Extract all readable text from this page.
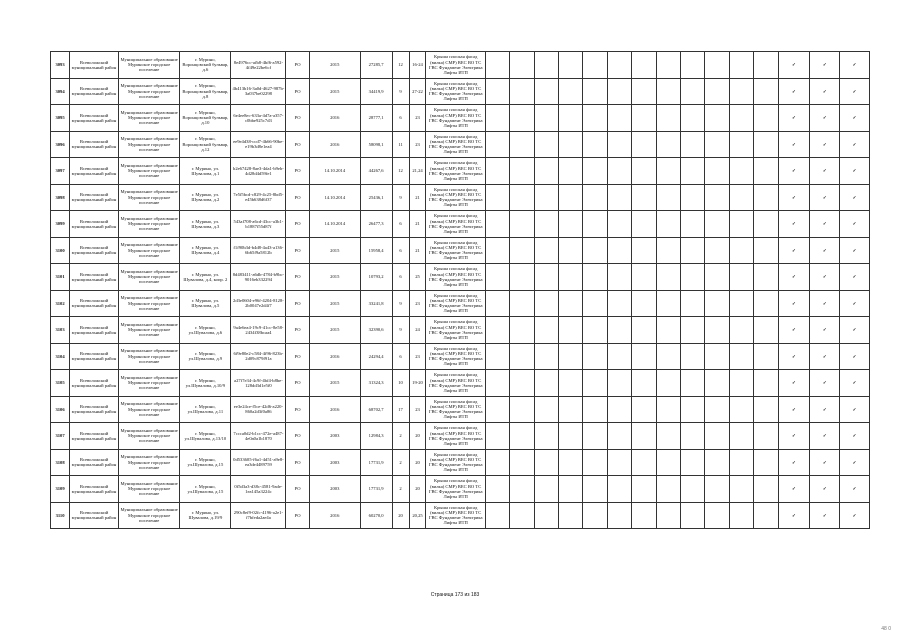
3093	Всеволожский муниципальный район	Муниципальное образование Муринское городское поселение	г. Мурино, Воронцовский бульвар, д.6	8e4976cc-afb8-4bf6-a592-4f49e22be6cf	РО	2015	27285,7	12	16-24	Крыша плоская фасад (вилка) СМР) ВЕС ВО ТС ГВС Фундамент Электрика Лифты ИТП													✓	✓	✓
3094	Всеволожский муниципальный район	Муниципальное образование Муринское городское поселение	г. Мурино, Воронцовский бульвар, д.8	4b413b16-3a0d-4627-987b-3a037be02298	РО	2015	34419,9	9	27-22	Крыша плоская фасад (вилка) СМР) ВЕС ВО ТС ГВС Фундамент Электрика Лифты ИТП													✓	✓	✓
3095	Всеволожский муниципальный район	Муниципальное образование Муринское городское поселение	г. Мурино, Воронцовский бульвар, д.10	6e4ee8ec-633a-4d7a-a357-c0bbe925c7d3	РО	2016	28777,1	6	23	Крыша плоская фасад (вилка) СМР) ВЕС ВО ТС ГВС Фундамент Электрика Лифты ИТП													✓	✓	✓
3096	Всеволожский муниципальный район	Муниципальное образование Муринское городское поселение	г. Мурино, Воронцовский бульвар, д.12	ee9e4d38-ccd7-4b66-90be-e19b3d8e1ea4	РО	2016	58098,1	11	23	Крыша плоская фасад (вилка) СМР) ВЕС ВО ТС ГВС Фундамент Электрика Лифты ИТП													✓	✓	✓
3097	Всеволожский муниципальный район	Муниципальное образование Муринское городское поселение	г. Мурино, ул. Шувалова, д.1	b2e67428-8ae3-4da1-b9eb-4d28d4d59fe1	РО	14.10.2014	44267,6	12	21,24	Крыша плоская фасад (вилка) СМР) ВЕС ВО ТС ГВС Фундамент Электрика Лифты ИТП													✓	✓	✓
3098	Всеволожский муниципальный район	Муниципальное образование Муринское городское поселение	г. Мурино, ул. Шувалова, д.2	7e5f5bcd-c829-4c25-8bd5-e45b638d6f37	РО	14.10.2014	25436,1	9	21	Крыша плоская фасад (вилка) СМР) ВЕС ВО ТС ГВС Фундамент Электрика Лифты ИТП													✓	✓	✓
3099	Всеволожский муниципальный район	Муниципальное образование Муринское городское поселение	г. Мурино, ул. Шувалова, д.3	543af708-a6cd-43cc-a3b1-b1887f55d87f	РО	14.10.2014	26477,3	6	21	Крыша плоская фасад (вилка) СМР) ВЕС ВО ТС ГВС Фундамент Электрика Лифты ИТП													✓	✓	✓
3100	Всеволожский муниципальный район	Муниципальное образование Муринское городское поселение	г. Мурино, ул. Шувалова, д.4	f1f90b3d-b4d8-4a43-a136-6b65f9a5812b	РО	2015	15958,4	6	21	Крыша плоская фасад (вилка) СМР) ВЕС ВО ТС ГВС Фундамент Электрика Лифты ИТП													✓	✓	✓
3101	Всеволожский муниципальный район	Муниципальное образование Муринское городское поселение	г. Мурино, ул. Шувалова, д.4, копр. 2	8d483411-a6db-4784-b9bc-9016eb332294	РО	2015	10793,2	6	25	Крыша плоская фасад (вилка) СМР) ВЕС ВО ТС ГВС Фундамент Электрика Лифты ИТП													✓	✓	✓
3102	Всеволожский муниципальный район	Муниципальное образование Муринское городское поселение	г. Мурино, ул. Шувалова, д.5	2d3e0604-e96f-4204-8128-2b0047e2d4f7	РО	2015	33241,8	9	23	Крыша плоская фасад (вилка) СМР) ВЕС ВО ТС ГВС Фундамент Электрика Лифты ИТП													✓	✓	✓
3103	Всеволожский муниципальный район	Муниципальное образование Муринское городское поселение	г. Мурино, ул.Шувалова, д.6	9a4e6ea4-19c9-41cc-8e58-2434f38bcaa4	РО	2015	32390,6	9	24	Крыша плоская фасад (вилка) СМР) ВЕС ВО ТС ГВС Фундамент Электрика Лифты ИТП													✓	✓	✓
3104	Всеволожский муниципальный район	Муниципальное образование Муринское городское поселение	г. Мурино, ул.Шувалова, д.9	6f9e80e2-c584-4f96-823b-2d09c879f91a	РО	2016	24294,4	6	23	Крыша плоская фасад (вилка) СМР) ВЕС ВО ТС ГВС Фундамент Электрика Лифты ИТП													✓	✓	✓
3105	Всеволожский муниципальный район	Муниципальное образование Муринское городское поселение	г. Мурино, ул.Шувалова, д.10/9	a27f7e34-4c9f-4bf4-b8be-128dd3d1e5f0	РО	2015	31324,3	10	19-20	Крыша плоская фасад (вилка) СМР) ВЕС ВО ТС ГВС Фундамент Электрика Лифты ИТП													✓	✓	✓
3106	Всеволожский муниципальный район	Муниципальное образование Муринское городское поселение	г. Мурино, ул.Шувалова, д.11	ee3e24ce-f5ce-42d6-a220-860a2d3f0a86	РО	2016	68702,7	17	23	Крыша плоская фасад (вилка) СМР) ВЕС ВО ТС ГВС Фундамент Электрика Лифты ИТП													✓	✓	✓
3107	Всеволожский муниципальный район	Муниципальное образование Муринское городское поселение	г. Мурино, ул.Шувалова, д.13/10	7ccca0d2-b1cc-472e-a487-4e0a0a1b1870	РО	2003	12984,3	2	20	Крыша плоская фасад (вилка) СМР) ВЕС ВО ТС ГВС Фундамент Электрика Лифты ИТП													✓	✓	✓
3108	Всеволожский муниципальный район	Муниципальное образование Муринское городское поселение	г. Мурино, ул.Шувалова, д.15	0d533605-f6a1-4d51-a9e8-ea3de4489759	РО	2003	17731,9	2	20	Крыша плоская фасад (вилка) СМР) ВЕС ВО ТС ГВС Фундамент Электрика Лифты ИТП													✓	✓	✓
3109	Всеволожский муниципальный район	Муниципальное образование Муринское городское поселение	г. Мурино, ул.Шувалова, д.15	0f5d3a3-d38c-4581-9ade-1ea145a3224c	РО	2003	17731,9	2	20	Крыша плоская фасад (вилка) СМР) ВЕС ВО ТС ГВС Фундамент Электрика Лифты ИТП													✓	✓	✓
3110	Всеволожский муниципальный район	Муниципальное образование Муринское городское поселение	г. Мурино, ул. Шувалова, д.19/9	290c8ef9-02fc-4196-a2e1-f7bfeda2ae4a	РО	2016	60270,0	20	20,25	Крыша плоская фасад (вилка) СМР) ВЕС ВО ТС ГВС Фундамент Электрика Лифты ИТП													✓	✓	✓
Страница 173 из 183
48 0
